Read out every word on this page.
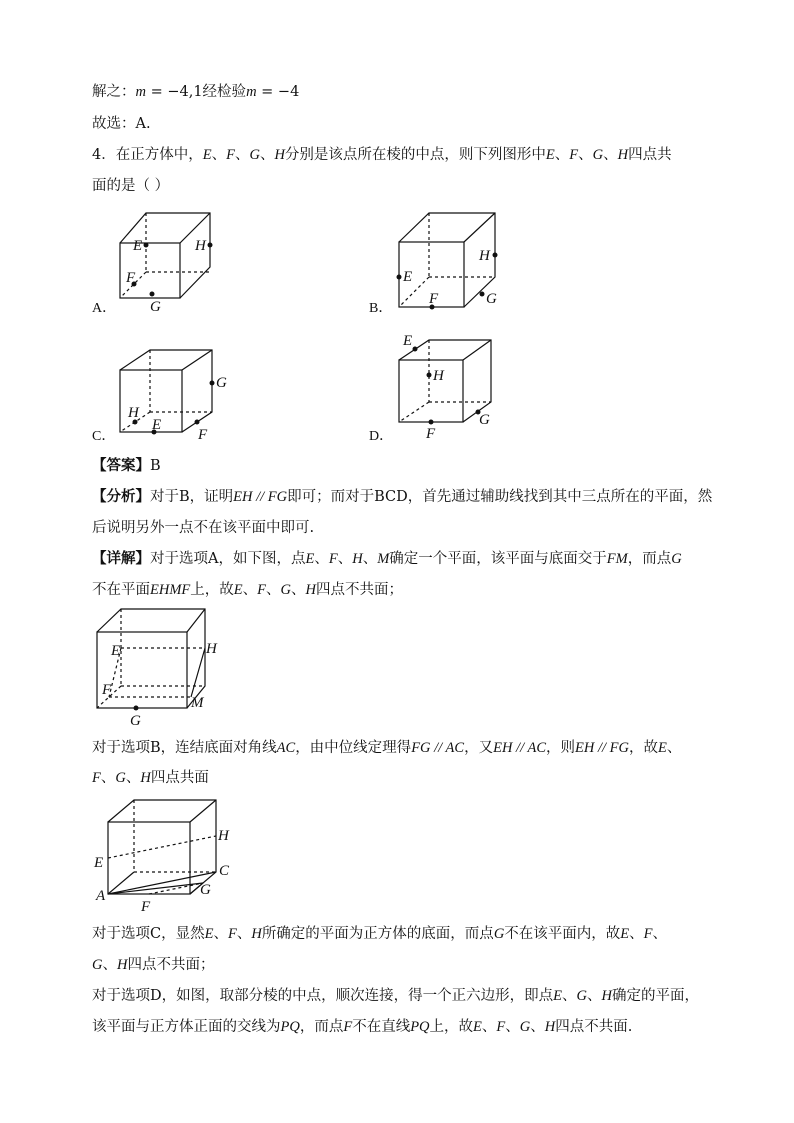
解之：m = −4,1经检验m = −4
故选：A.
4．在正方体中，E、F、G、H分别是该点所在棱的中点，则下列图形中E、F、G、H四点共
面的是（ ）
E	H
F
G
A．
E
H
F	G
B．
G
H
E
F
C．
E
H
G
F
D．
【答案】B
【分析】对于B，证明EH // FG即可；而对于BCD，首先通过辅助线找到其中三点所在的平面，然
后说明另外一点不在该平面中即可.
【详解】对于选项A，如下图，点E、F、H、M确定一个平面，该平面与底面交于FM，而点G
不在平面EHMF上，故E、F、G、H四点不共面；
E	H
F
M
G
对于选项B，连结底面对角线AC，由中位线定理得FG // AC，又EH // AC，则EH // FG，故E、
F、G、H四点共面
H
E	C
A	G
F
对于选项C，显然E、F、H所确定的平面为正方体的底面，而点G不在该平面内，故E、F、
G、H四点不共面；
对于选项D，如图，取部分棱的中点，顺次连接，得一个正六边形，即点E、G、H确定的平面，
该平面与正方体正面的交线为PQ，而点F不在直线PQ上，故E、F、G、H四点不共面.
